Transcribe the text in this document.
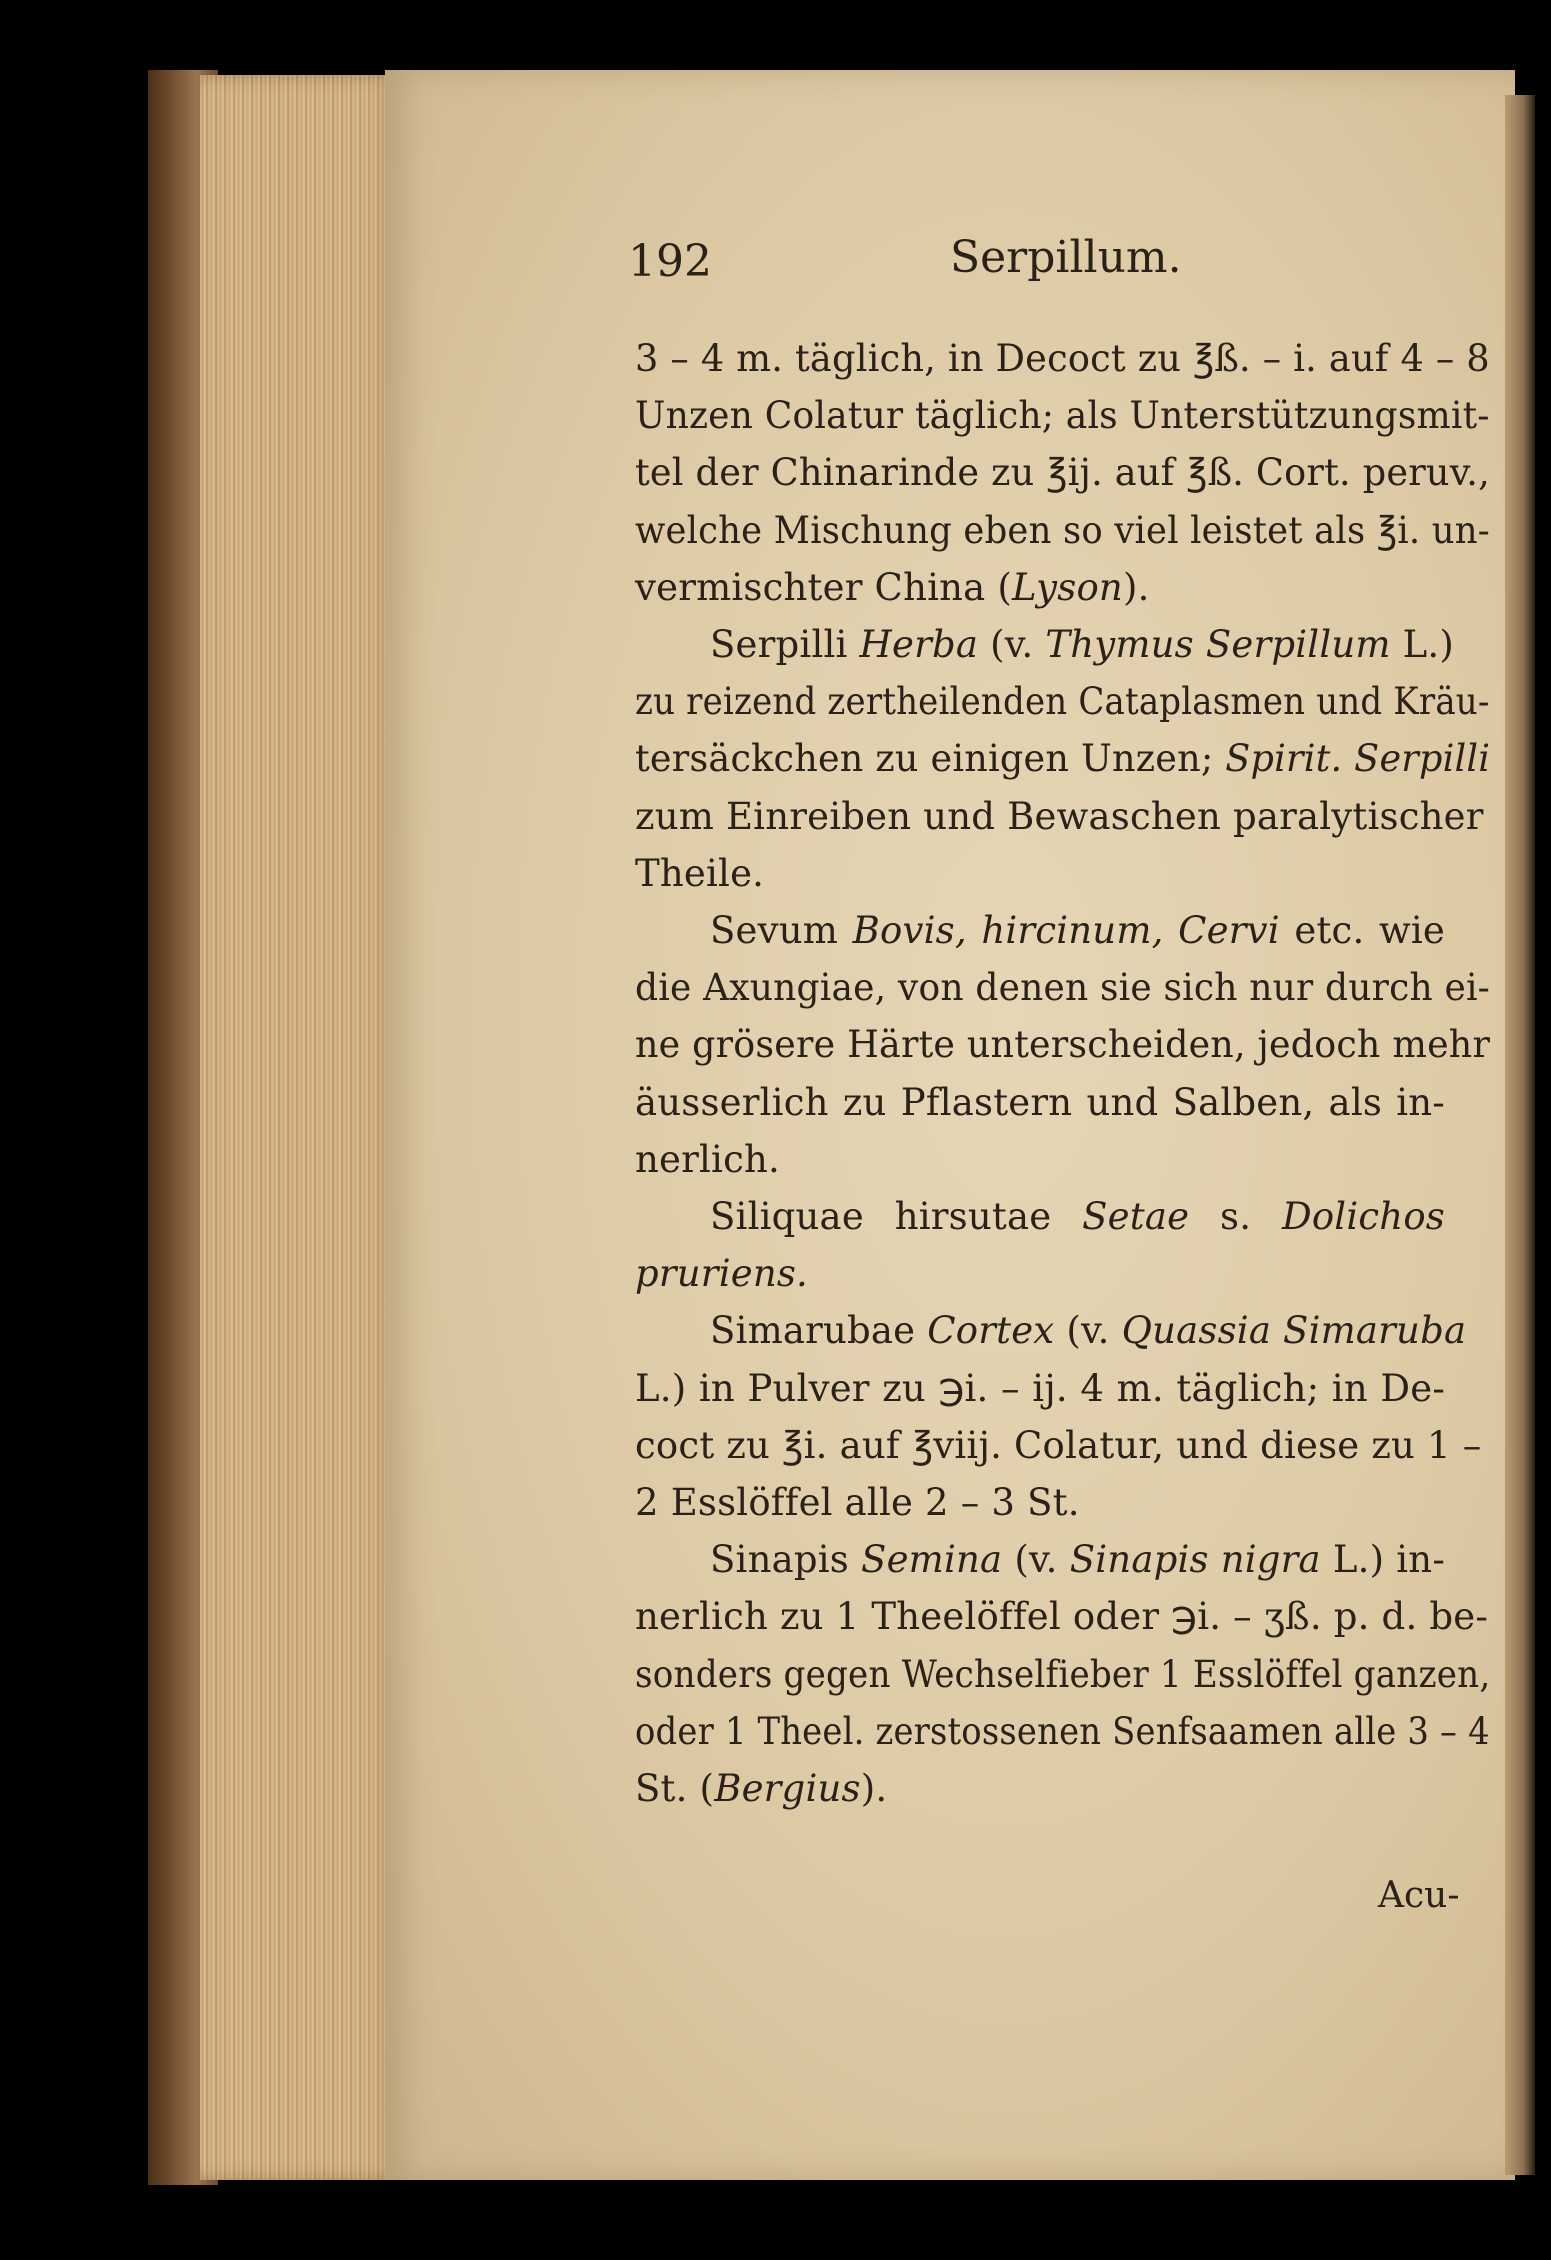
192	Serpillum.
3 – 4 m. täglich, in Decoct zu ℥ß. – i. auf 4 – 8
Unzen Colatur täglich; als Unterstützungsmit-
tel der Chinarinde zu ℥ij. auf ℥ß. Cort. peruv.,
welche Mischung eben so viel leistet als ℥i. un-
vermischter China (Lyson).
Serpilli Herba (v. Thymus Serpillum L.)
zu reizend zertheilenden Cataplasmen und Kräu-
tersäckchen zu einigen Unzen; Spirit. Serpilli
zum Einreiben und Bewaschen paralytischer
Theile.
Sevum Bovis, hircinum, Cervi etc. wie
die Axungiae, von denen sie sich nur durch ei-
ne grösere Härte unterscheiden, jedoch mehr
äusserlich zu Pflastern und Salben, als in-
nerlich.
Siliquae hirsutae Setae s. Dolichos
pruriens.
Simarubae Cortex (v. Quassia Simaruba
L.) in Pulver zu ℈i. – ij. 4 m. täglich; in De-
coct zu ℥i. auf ℥viij. Colatur, und diese zu 1 –
2 Esslöffel alle 2 – 3 St.
Sinapis Semina (v. Sinapis nigra L.) in-
nerlich zu 1 Theelöffel oder ℈i. – ʒß. p. d. be-
sonders gegen Wechselfieber 1 Esslöffel ganzen,
oder 1 Theel. zerstossenen Senfsaamen alle 3 – 4
St. (Bergius).
Acu-
